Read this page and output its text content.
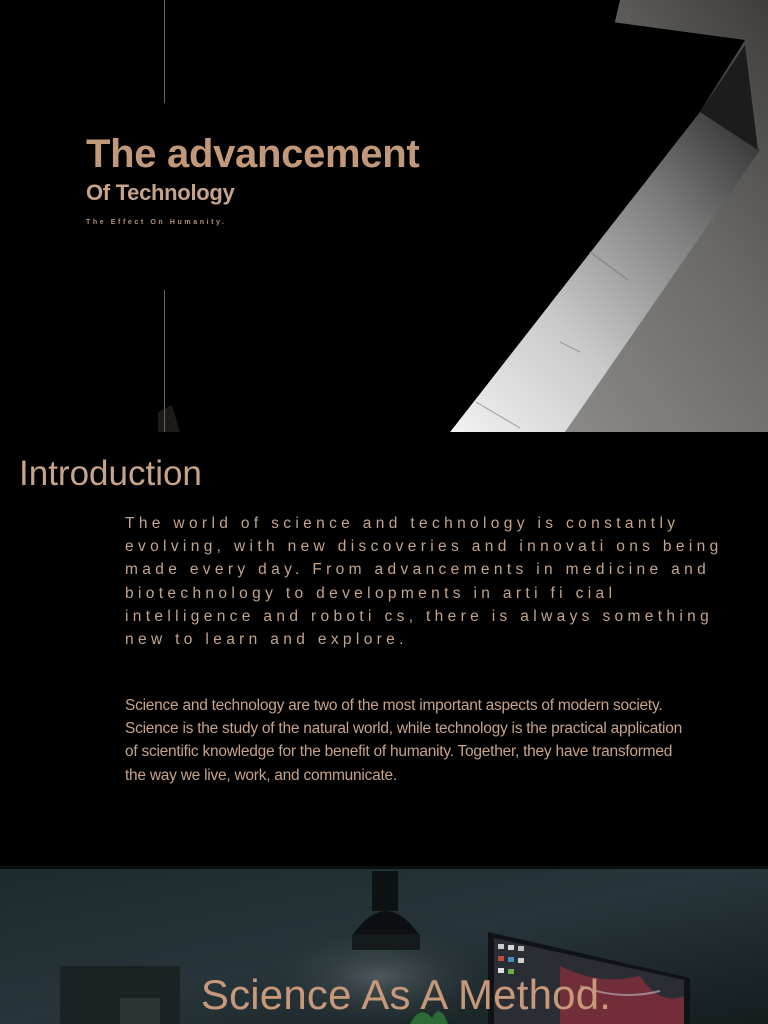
The advancement
Of Technology

The Effect On Humanity.

Introduction

The world of science and technology is constantly evolving, with new discoveries and innovati ons being made every day. From advancements in medicine and biotechnology to developments in arti fi cial intelligence and roboti cs, there is always something new to learn and explore.

Science and technology are two of the most important aspects of modern society. Science is the study of the natural world, while technology is the practical application of scientific knowledge for the benefit of humanity. Together, they have transformed the way we live, work, and communicate.

Science As A Method.
